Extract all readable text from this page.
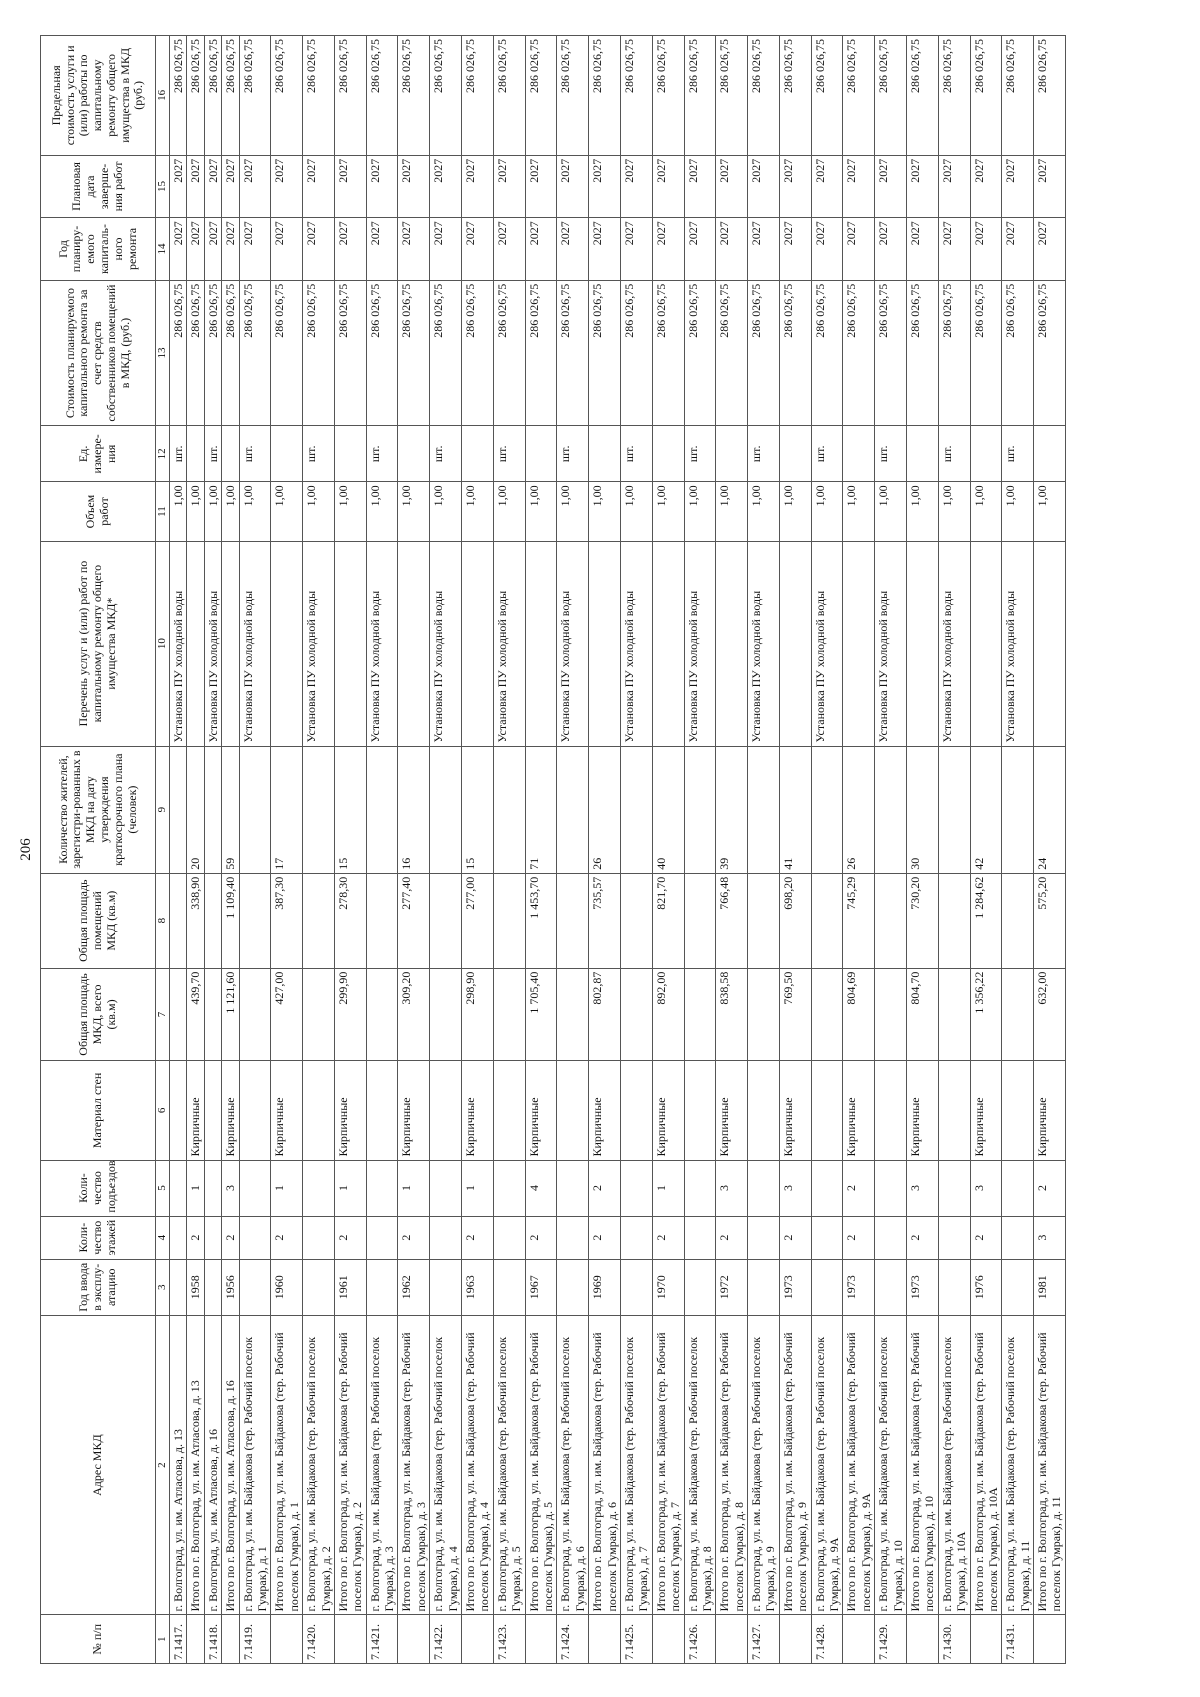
206
№ п/п	Адрес МКД	Год ввода в эксплу-атацию	Коли-чество этажей	Коли-чество подъездов	Материал стен	Общая площадь МКД, всего (кв.м)	Общая площадь помещений МКД (кв.м)	Количество жителей, зарегистри-рованных в МКД на дату утверждения краткосрочного плана (человек)	Перечень услуг и (или) работ по капитальному ремонту общего имущества МКД*	Объем работ	Ед. измере-ния	Стоимость планируемого капитального ремонта за счет средств собственников помещений в МКД, (руб.)	Год планиру-емого капиталь-ного ремонта	Плановая дата заверше-ния работ	Предельная стоимость услуги и (или) работы по капитальному ремонту общего имущества в МКД (руб.)
1	2	3	4	5	6	7	8	9	10	11	12	13	14	15	16
7.1417.	г. Волгоград, ул. им. Атласова, д. 13								Установка ПУ холодной воды	1,00	шт.	286 026,75	2027	2027	286 026,75
	Итого по г. Волгоград, ул. им. Атласова, д. 13	1958	2	1	Кирпичные	439,70	338,90	20		1,00		286 026,75	2027	2027	286 026,75
7.1418.	г. Волгоград, ул. им. Атласова, д. 16								Установка ПУ холодной воды	1,00	шт.	286 026,75	2027	2027	286 026,75
	Итого по г. Волгоград, ул. им. Атласова, д. 16	1956	2	3	Кирпичные	1 121,60	1 109,40	59		1,00		286 026,75	2027	2027	286 026,75
7.1419.	г. Волгоград, ул. им. Байдакова (тер. Рабочий поселок Гумрак), д. 1								Установка ПУ холодной воды	1,00	шт.	286 026,75	2027	2027	286 026,75
	Итого по г. Волгоград, ул. им. Байдакова (тер. Рабочий поселок Гумрак), д. 1	1960	2	1	Кирпичные	427,00	387,30	17		1,00		286 026,75	2027	2027	286 026,75
7.1420.	г. Волгоград, ул. им. Байдакова (тер. Рабочий поселок Гумрак), д. 2								Установка ПУ холодной воды	1,00	шт.	286 026,75	2027	2027	286 026,75
	Итого по г. Волгоград, ул. им. Байдакова (тер. Рабочий поселок Гумрак), д. 2	1961	2	1	Кирпичные	299,90	278,30	15		1,00		286 026,75	2027	2027	286 026,75
7.1421.	г. Волгоград, ул. им. Байдакова (тер. Рабочий поселок Гумрак), д. 3								Установка ПУ холодной воды	1,00	шт.	286 026,75	2027	2027	286 026,75
	Итого по г. Волгоград, ул. им. Байдакова (тер. Рабочий поселок Гумрак), д. 3	1962	2	1	Кирпичные	309,20	277,40	16		1,00		286 026,75	2027	2027	286 026,75
7.1422.	г. Волгоград, ул. им. Байдакова (тер. Рабочий поселок Гумрак), д. 4								Установка ПУ холодной воды	1,00	шт.	286 026,75	2027	2027	286 026,75
	Итого по г. Волгоград, ул. им. Байдакова (тер. Рабочий поселок Гумрак), д. 4	1963	2	1	Кирпичные	298,90	277,00	15		1,00		286 026,75	2027	2027	286 026,75
7.1423.	г. Волгоград, ул. им. Байдакова (тер. Рабочий поселок Гумрак), д. 5								Установка ПУ холодной воды	1,00	шт.	286 026,75	2027	2027	286 026,75
	Итого по г. Волгоград, ул. им. Байдакова (тер. Рабочий поселок Гумрак), д. 5	1967	2	4	Кирпичные	1 705,40	1 453,70	71		1,00		286 026,75	2027	2027	286 026,75
7.1424.	г. Волгоград, ул. им. Байдакова (тер. Рабочий поселок Гумрак), д. 6								Установка ПУ холодной воды	1,00	шт.	286 026,75	2027	2027	286 026,75
	Итого по г. Волгоград, ул. им. Байдакова (тер. Рабочий поселок Гумрак), д. 6	1969	2	2	Кирпичные	802,87	735,57	26		1,00		286 026,75	2027	2027	286 026,75
7.1425.	г. Волгоград, ул. им. Байдакова (тер. Рабочий поселок Гумрак), д. 7								Установка ПУ холодной воды	1,00	шт.	286 026,75	2027	2027	286 026,75
	Итого по г. Волгоград, ул. им. Байдакова (тер. Рабочий поселок Гумрак), д. 7	1970	2	1	Кирпичные	892,00	821,70	40		1,00		286 026,75	2027	2027	286 026,75
7.1426.	г. Волгоград, ул. им. Байдакова (тер. Рабочий поселок Гумрак), д. 8								Установка ПУ холодной воды	1,00	шт.	286 026,75	2027	2027	286 026,75
	Итого по г. Волгоград, ул. им. Байдакова (тер. Рабочий поселок Гумрак), д. 8	1972	2	3	Кирпичные	838,58	766,48	39		1,00		286 026,75	2027	2027	286 026,75
7.1427.	г. Волгоград, ул. им. Байдакова (тер. Рабочий поселок Гумрак), д. 9								Установка ПУ холодной воды	1,00	шт.	286 026,75	2027	2027	286 026,75
	Итого по г. Волгоград, ул. им. Байдакова (тер. Рабочий поселок Гумрак), д. 9	1973	2	3	Кирпичные	769,50	698,20	41		1,00		286 026,75	2027	2027	286 026,75
7.1428.	г. Волгоград, ул. им. Байдакова (тер. Рабочий поселок Гумрак), д. 9А								Установка ПУ холодной воды	1,00	шт.	286 026,75	2027	2027	286 026,75
	Итого по г. Волгоград, ул. им. Байдакова (тер. Рабочий поселок Гумрак), д. 9А	1973	2	2	Кирпичные	804,69	745,29	26		1,00		286 026,75	2027	2027	286 026,75
7.1429.	г. Волгоград, ул. им. Байдакова (тер. Рабочий поселок Гумрак), д. 10								Установка ПУ холодной воды	1,00	шт.	286 026,75	2027	2027	286 026,75
	Итого по г. Волгоград, ул. им. Байдакова (тер. Рабочий поселок Гумрак), д. 10	1973	2	3	Кирпичные	804,70	730,20	30		1,00		286 026,75	2027	2027	286 026,75
7.1430.	г. Волгоград, ул. им. Байдакова (тер. Рабочий поселок Гумрак), д. 10А								Установка ПУ холодной воды	1,00	шт.	286 026,75	2027	2027	286 026,75
	Итого по г. Волгоград, ул. им. Байдакова (тер. Рабочий поселок Гумрак), д. 10А	1976	2	3	Кирпичные	1 356,22	1 284,62	42		1,00		286 026,75	2027	2027	286 026,75
7.1431.	г. Волгоград, ул. им. Байдакова (тер. Рабочий поселок Гумрак), д. 11								Установка ПУ холодной воды	1,00	шт.	286 026,75	2027	2027	286 026,75
	Итого по г. Волгоград, ул. им. Байдакова (тер. Рабочий поселок Гумрак), д. 11	1981	3	2	Кирпичные	632,00	575,20	24		1,00		286 026,75	2027	2027	286 026,75
